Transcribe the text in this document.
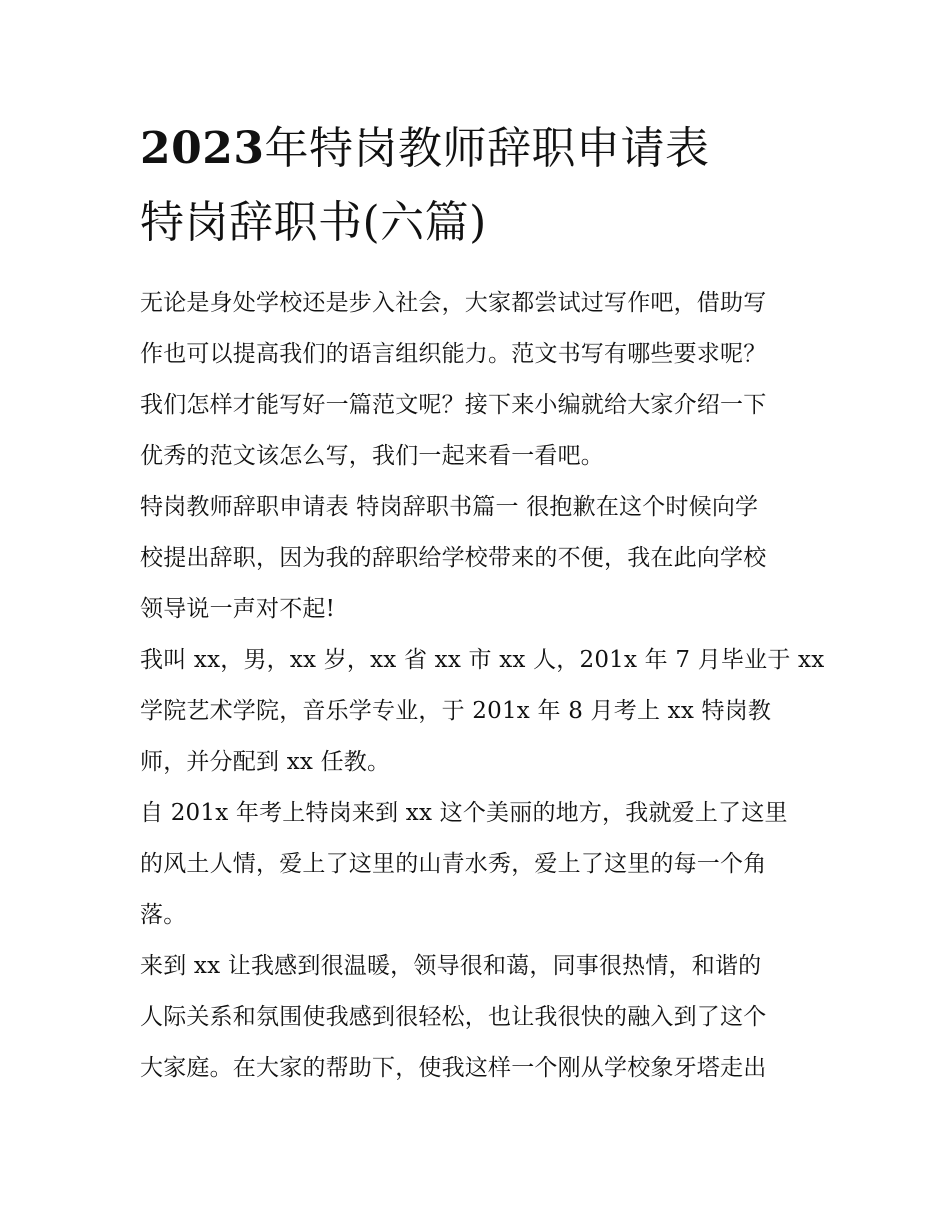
2023年特岗教师辞职申请表
特岗辞职书(六篇)

无论是身处学校还是步入社会，大家都尝试过写作吧，借助写
作也可以提高我们的语言组织能力。范文书写有哪些要求呢？
我们怎样才能写好一篇范文呢？接下来小编就给大家介绍一下
优秀的范文该怎么写，我们一起来看一看吧。

特岗教师辞职申请表 特岗辞职书篇一 很抱歉在这个时候向学
校提出辞职，因为我的辞职给学校带来的不便，我在此向学校
领导说一声对不起!

我叫 xx，男，xx 岁，xx 省 xx 市 xx 人，201x 年 7 月毕业于 xx
学院艺术学院，音乐学专业，于 201x 年 8 月考上 xx 特岗教
师，并分配到 xx 任教。

自 201x 年考上特岗来到 xx 这个美丽的地方，我就爱上了这里
的风土人情，爱上了这里的山青水秀，爱上了这里的每一个角
落。

来到 xx 让我感到很温暖，领导很和蔼，同事很热情，和谐的
人际关系和氛围使我感到很轻松，也让我很快的融入到了这个
大家庭。在大家的帮助下，使我这样一个刚从学校象牙塔走出
